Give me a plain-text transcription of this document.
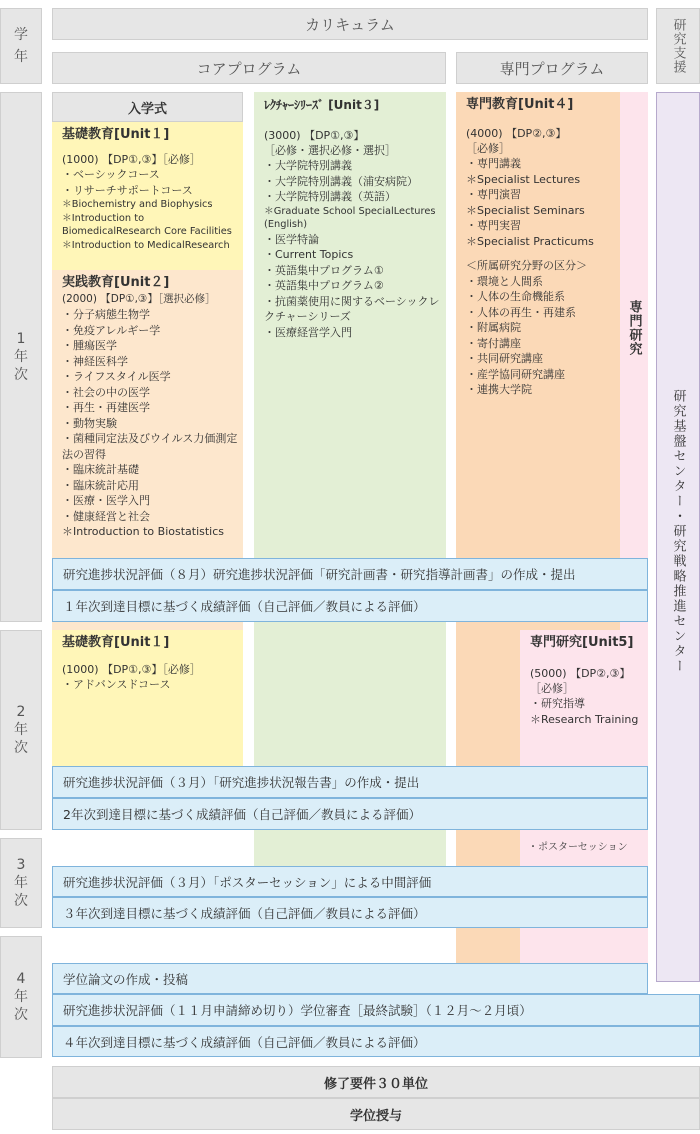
学年
カリキュラム	研究支援
コアプログラム	専門プログラム
1年次
2年次
3年次
4年次
入学式
基礎教育[Unit１]
(1000) 【DP①,③】［必修］
・ベーシックコース
・リサーチサポートコース
＊Biochemistry and Biophysics
＊Introduction to BiomedicalResearch Core Facilities
＊Introduction to MedicalResearch
実践教育[Unit２]
(2000) 【DP①,③】［選択必修］
・分子病態生物学
・免疫アレルギー学
・腫瘍医学
・神経医科学
・ライフスタイル医学
・社会の中の医学
・再生・再建医学
・動物実験
・菌種同定法及びウイルス力価測定法の習得
・臨床統計基礎
・臨床統計応用
・医療・医学入門
・健康経営と社会
＊Introduction to Biostatistics
ﾚｸﾁｬｰｼﾘｰｽﾞ [Unit３]
(3000) 【DP①,③】
［必修・選択必修・選択］
・大学院特別講義
・大学院特別講義（浦安病院）
・大学院特別講義（英語）
＊Graduate School SpecialLectures (English)
・医学特論
・Current Topics
・英語集中プログラム①
・英語集中プログラム②
・抗菌薬使用に関するベーシックレクチャーシリーズ
・医療経営学入門
専門教育[Unit４]
(4000) 【DP②,③】
［必修］
・専門講義
＊Specialist Lectures
・専門演習
＊Specialist Seminars
・専門実習
＊Specialist Practicums
＜所属研究分野の区分＞
・環境と人間系
・人体の生命機能系
・人体の再生・再建系
・附属病院
・寄付講座
・共同研究講座
・産学協同研究講座
・連携大学院
専門研究
研究基盤センター・研究戦略推進センター
研究進捗状況評価（８月）研究進捗状況評価「研究計画書・研究指導計画書」の作成・提出
１年次到達目標に基づく成績評価（自己評価／教員による評価）
基礎教育[Unit１]
(1000) 【DP①,③】［必修］
・アドバンスドコース
専門研究[Unit5]
(5000) 【DP②,③】
［必修］
・研究指導
＊Research Training
研究進捗状況評価（３月）「研究進捗状況報告書」の作成・提出
2年次到達目標に基づく成績評価（自己評価／教員による評価）
・ポスターセッション
研究進捗状況評価（３月）「ポスターセッション」による中間評価
３年次到達目標に基づく成績評価（自己評価／教員による評価）
学位論文の作成・投稿
研究進捗状況評価（１１月申請締め切り）学位審査［最終試験］（１２月〜２月頃）
４年次到達目標に基づく成績評価（自己評価／教員による評価）
修了要件３０単位
学位授与
